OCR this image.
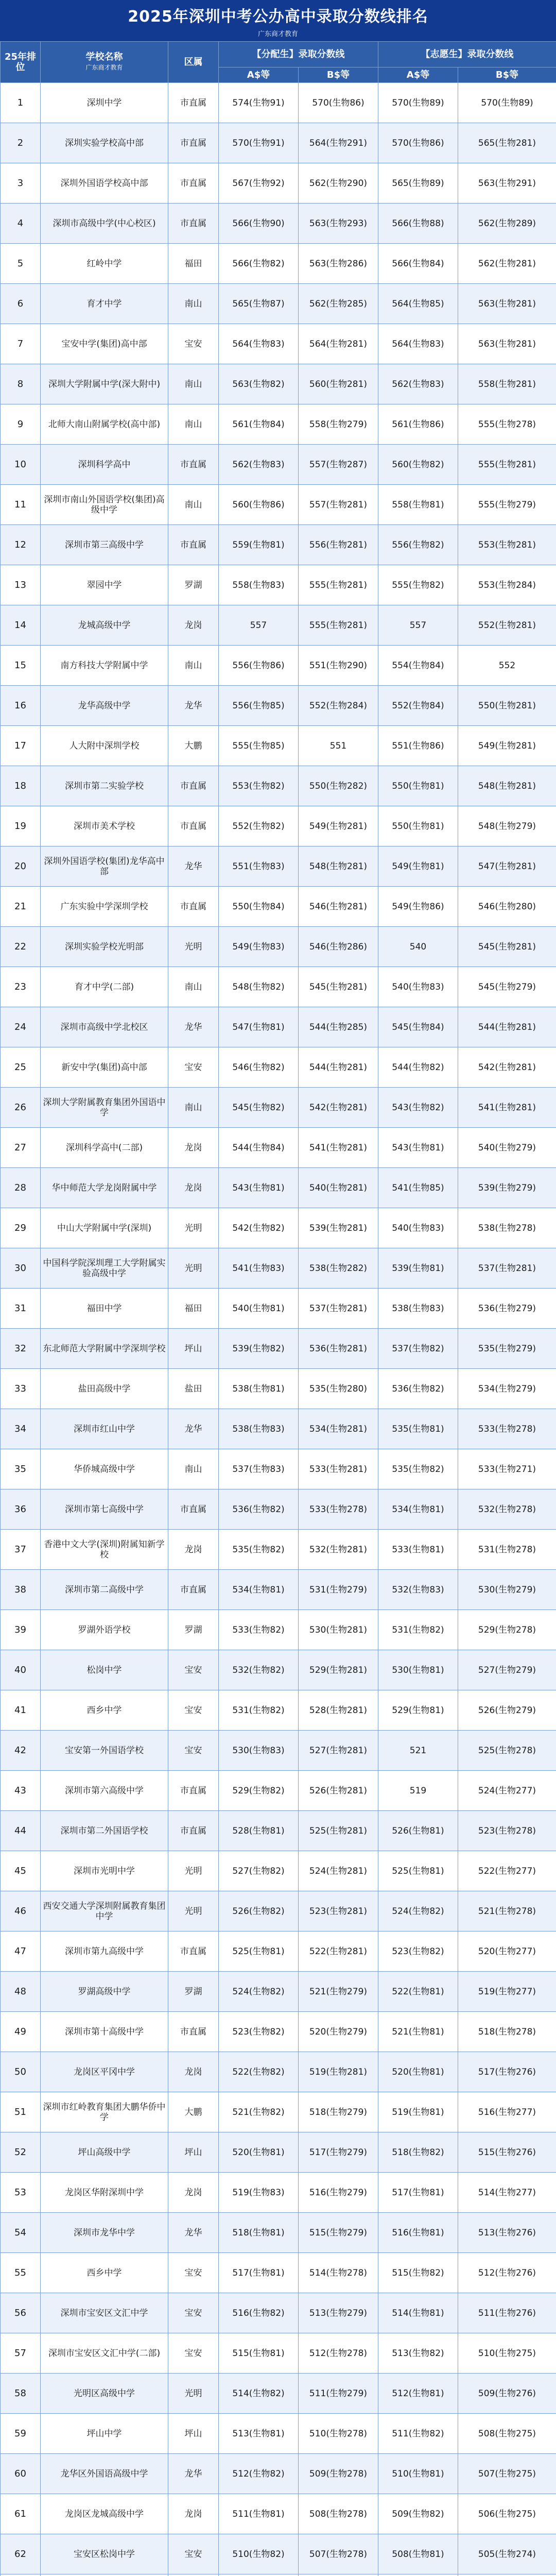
2025年深圳中考公办高中录取分数线排名
广东商才教育
25年排位	学校名称
广东商才教育	区属	【分配生】录取分数线		【志愿生】录取分数线	
			A$等	B$等	A$等	B$等
1	深圳中学	市直属	574(生物91)	570(生物86)	570(生物89)	570(生物89)
2	深圳实验学校高中部	市直属	570(生物91)	564(生物291)	570(生物86)	565(生物281)
3	深圳外国语学校高中部	市直属	567(生物92)	562(生物290)	565(生物89)	563(生物291)
4	深圳市高级中学(中心校区)	市直属	566(生物90)	563(生物293)	566(生物88)	562(生物289)
5	红岭中学	福田	566(生物82)	563(生物286)	566(生物84)	562(生物281)
6	育才中学	南山	565(生物87)	562(生物285)	564(生物85)	563(生物281)
7	宝安中学(集团)高中部	宝安	564(生物83)	564(生物281)	564(生物83)	563(生物281)
8	深圳大学附属中学(深大附中)	南山	563(生物82)	560(生物281)	562(生物83)	558(生物281)
9	北师大南山附属学校(高中部)	南山	561(生物84)	558(生物279)	561(生物86)	555(生物278)
10	深圳科学高中	市直属	562(生物83)	557(生物287)	560(生物82)	555(生物281)
11	深圳市南山外国语学校(集团)高级中学	南山	560(生物86)	557(生物281)	558(生物81)	555(生物279)
12	深圳市第三高级中学	市直属	559(生物81)	556(生物281)	556(生物82)	553(生物281)
13	翠园中学	罗湖	558(生物83)	555(生物281)	555(生物82)	553(生物284)
14	龙城高级中学	龙岗	557	555(生物281)	557	552(生物281)
15	南方科技大学附属中学	南山	556(生物86)	551(生物290)	554(生物84)	552
16	龙华高级中学	龙华	556(生物85)	552(生物284)	552(生物84)	550(生物281)
17	人大附中深圳学校	大鹏	555(生物85)	551	551(生物86)	549(生物281)
18	深圳市第二实验学校	市直属	553(生物82)	550(生物282)	550(生物81)	548(生物281)
19	深圳市美术学校	市直属	552(生物82)	549(生物281)	550(生物81)	548(生物279)
20	深圳外国语学校(集团)龙华高中部	龙华	551(生物83)	548(生物281)	549(生物81)	547(生物281)
21	广东实验中学深圳学校	市直属	550(生物84)	546(生物281)	549(生物86)	546(生物280)
22	深圳实验学校光明部	光明	549(生物83)	546(生物286)	540	545(生物281)
23	育才中学(二部)	南山	548(生物82)	545(生物281)	540(生物83)	545(生物279)
24	深圳市高级中学北校区	龙华	547(生物81)	544(生物285)	545(生物84)	544(生物281)
25	新安中学(集团)高中部	宝安	546(生物82)	544(生物281)	544(生物82)	542(生物281)
26	深圳大学附属教育集团外国语中学	南山	545(生物82)	542(生物281)	543(生物82)	541(生物281)
27	深圳科学高中(二部)	龙岗	544(生物84)	541(生物281)	543(生物81)	540(生物279)
28	华中师范大学龙岗附属中学	龙岗	543(生物81)	540(生物281)	541(生物85)	539(生物279)
29	中山大学附属中学(深圳)	光明	542(生物82)	539(生物281)	540(生物83)	538(生物278)
30	中国科学院深圳理工大学附属实验高级中学	光明	541(生物83)	538(生物282)	539(生物81)	537(生物281)
31	福田中学	福田	540(生物81)	537(生物281)	538(生物83)	536(生物279)
32	东北师范大学附属中学深圳学校	坪山	539(生物82)	536(生物281)	537(生物82)	535(生物279)
33	盐田高级中学	盐田	538(生物81)	535(生物280)	536(生物82)	534(生物279)
34	深圳市红山中学	龙华	538(生物83)	534(生物281)	535(生物81)	533(生物278)
35	华侨城高级中学	南山	537(生物83)	533(生物281)	535(生物82)	533(生物271)
36	深圳市第七高级中学	市直属	536(生物82)	533(生物278)	534(生物81)	532(生物278)
37	香港中文大学(深圳)附属知新学校	龙岗	535(生物82)	532(生物281)	533(生物81)	531(生物278)
38	深圳市第二高级中学	市直属	534(生物81)	531(生物279)	532(生物83)	530(生物279)
39	罗湖外语学校	罗湖	533(生物82)	530(生物281)	531(生物82)	529(生物278)
40	松岗中学	宝安	532(生物82)	529(生物281)	530(生物81)	527(生物279)
41	西乡中学	宝安	531(生物82)	528(生物281)	529(生物81)	526(生物279)
42	宝安第一外国语学校	宝安	530(生物83)	527(生物281)	521	525(生物278)
43	深圳市第六高级中学	市直属	529(生物82)	526(生物281)	519	524(生物277)
44	深圳市第二外国语学校	市直属	528(生物81)	525(生物281)	526(生物81)	523(生物278)
45	深圳市光明中学	光明	527(生物82)	524(生物281)	525(生物81)	522(生物277)
46	西安交通大学深圳附属教育集团中学	光明	526(生物82)	523(生物281)	524(生物82)	521(生物278)
47	深圳市第九高级中学	市直属	525(生物81)	522(生物281)	523(生物82)	520(生物277)
48	罗湖高级中学	罗湖	524(生物82)	521(生物279)	522(生物81)	519(生物277)
49	深圳市第十高级中学	市直属	523(生物82)	520(生物279)	521(生物81)	518(生物278)
50	龙岗区平冈中学	龙岗	522(生物82)	519(生物281)	520(生物81)	517(生物276)
51	深圳市红岭教育集团大鹏华侨中学	大鹏	521(生物82)	518(生物279)	519(生物81)	516(生物277)
52	坪山高级中学	坪山	520(生物81)	517(生物279)	518(生物82)	515(生物276)
53	龙岗区华附深圳中学	龙岗	519(生物83)	516(生物279)	517(生物81)	514(生物277)
54	深圳市龙华中学	龙华	518(生物81)	515(生物279)	516(生物81)	513(生物276)
55	西乡中学	宝安	517(生物81)	514(生物278)	515(生物82)	512(生物276)
56	深圳市宝安区文汇中学	宝安	516(生物82)	513(生物279)	514(生物81)	511(生物276)
57	深圳市宝安区文汇中学(二部)	宝安	515(生物81)	512(生物278)	513(生物82)	510(生物275)
58	光明区高级中学	光明	514(生物82)	511(生物279)	512(生物81)	509(生物276)
59	坪山中学	坪山	513(生物81)	510(生物278)	511(生物82)	508(生物275)
60	龙华区外国语高级中学	龙华	512(生物82)	509(生物278)	510(生物81)	507(生物275)
61	龙岗区龙城高级中学	龙岗	511(生物81)	508(生物278)	509(生物82)	506(生物275)
62	宝安区松岗中学	宝安	510(生物82)	507(生物278)	508(生物81)	505(生物274)
